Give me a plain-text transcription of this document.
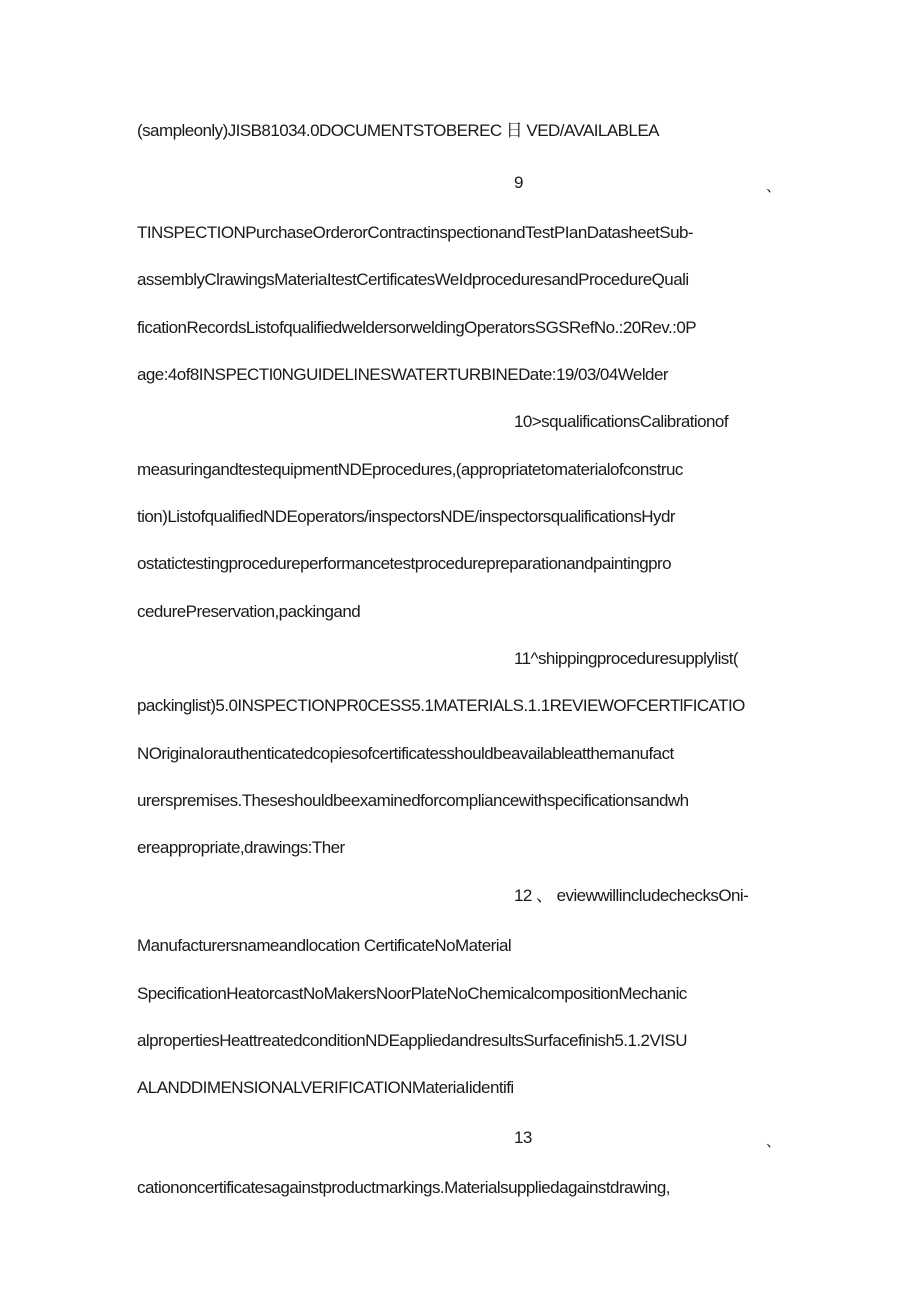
(sampleonly)JISB81034.0DOCUMENTSTOBEREC 日 VED/AVAILABLEA
9	、
TINSPECTIONPurchaseOrderorContractinspectionandTestPIanDatasheetSub-
assemblyClrawingsMateriaItestCertificatesWeIdproceduresandProcedureQuali
ficationRecordsListofqualifiedweldersorweldingOperatorsSGSRefNo.:20Rev.:0P
age:4of8INSPECTI0NGUIDELINESWATERTURBINEDate:19/03/04Welder
10>squalificationsCalibrationof
measuringandtestequipmentNDEprocedures,(appropriatetomaterialofconstruc
tion)ListofqualifiedNDEoperators/inspectorsNDE/inspectorsqualificationsHydr
ostatictestingprocedureperformancetestprocedurepreparationandpaintingpro
cedurePreservation,packingand
11^shippingproceduresupplylist(
packinglist)5.0INSPECTIONPR0CESS5.1MATERIALS.1.1REVIEWOFCERTlFICATIO
NOriginaIorauthenticatedcopiesofcertificatesshouldbeavailableatthemanufact
urerspremises.Theseshouldbeexaminedforcompliancewithspecificationsandwh
ereappropriate,drawings:Ther
12 、 eviewwillincludechecksOni-
Manufacturersnameandlocation CertificateNoMaterial
SpecificationHeatorcastNoMakersNoorPlateNoChemicalcompositionMechanic
alpropertiesHeattreatedconditionNDEappliedandresultsSurfacefinish5.1.2VISU
ALANDDIMENSIONALVERIFICATIONMateriaIidentifi
13	、
cationoncertificatesagainstproductmarkings.Materialsuppliedagainstdrawing,
